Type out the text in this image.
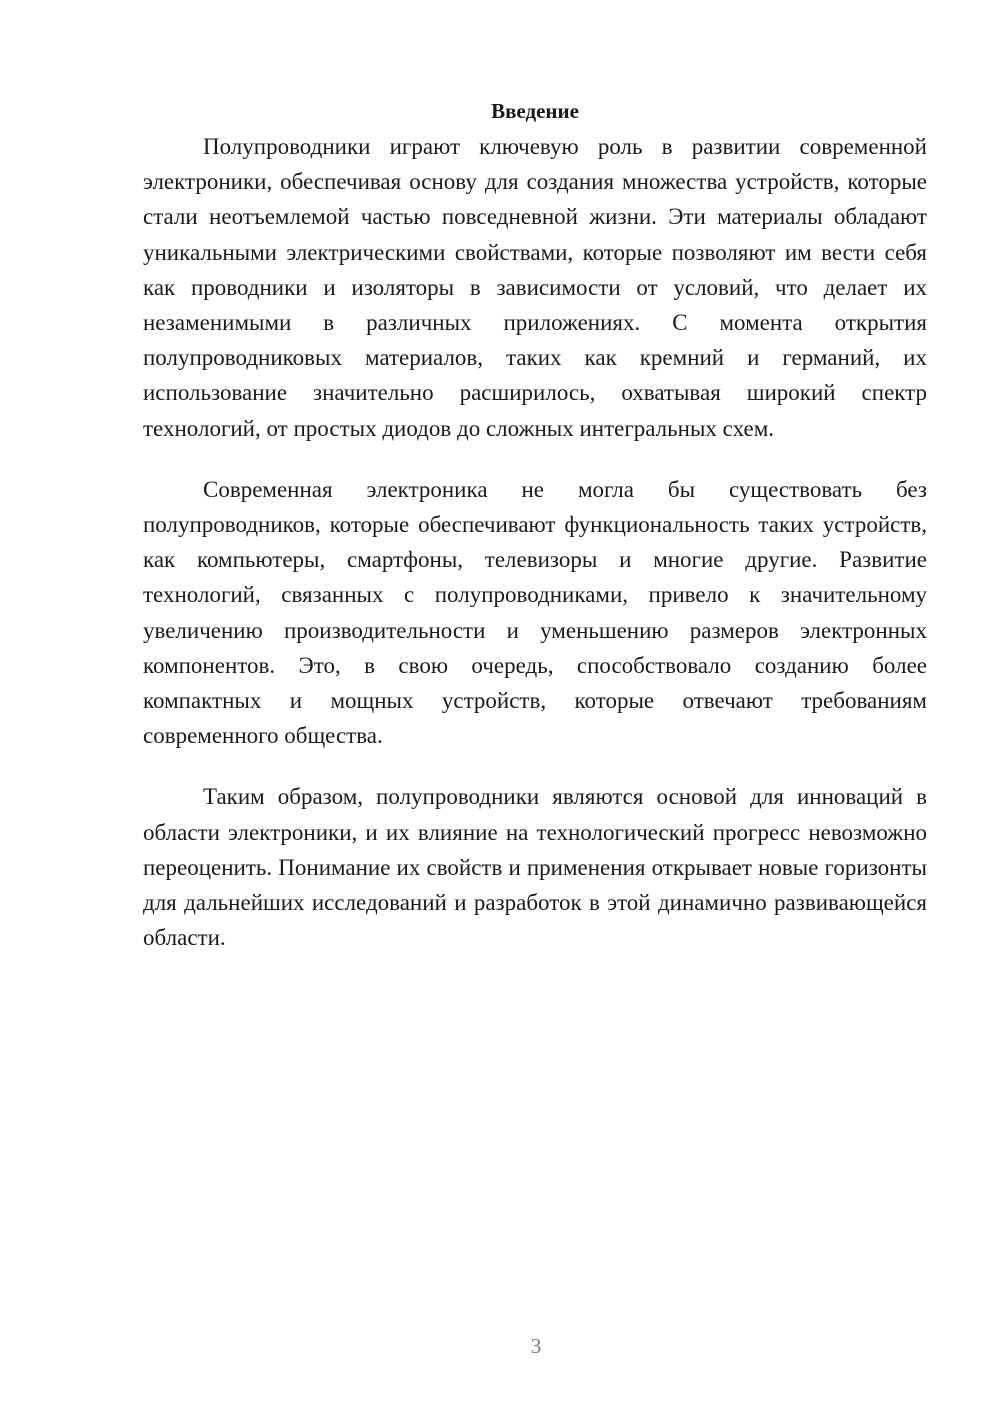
Введение

Полупроводники играют ключевую роль в развитии современной электроники, обеспечивая основу для создания множества устройств, которые стали неотъемлемой частью повседневной жизни. Эти материалы обладают уникальными электрическими свойствами, которые позволяют им вести себя как проводники и изоляторы в зависимости от условий, что делает их незаменимыми в различных приложениях. С момента открытия полупроводниковых материалов, таких как кремний и германий, их использование значительно расширилось, охватывая широкий спектр технологий, от простых диодов до сложных интегральных схем.

Современная электроника не могла бы существовать без полупроводников, которые обеспечивают функциональность таких устройств, как компьютеры, смартфоны, телевизоры и многие другие. Развитие технологий, связанных с полупроводниками, привело к значительному увеличению производительности и уменьшению размеров электронных компонентов. Это, в свою очередь, способствовало созданию более компактных и мощных устройств, которые отвечают требованиям современного общества.

Таким образом, полупроводники являются основой для инноваций в области электроники, и их влияние на технологический прогресс невозможно переоценить. Понимание их свойств и применения открывает новые горизонты для дальнейших исследований и разработок в этой динамично развивающейся области.

3
